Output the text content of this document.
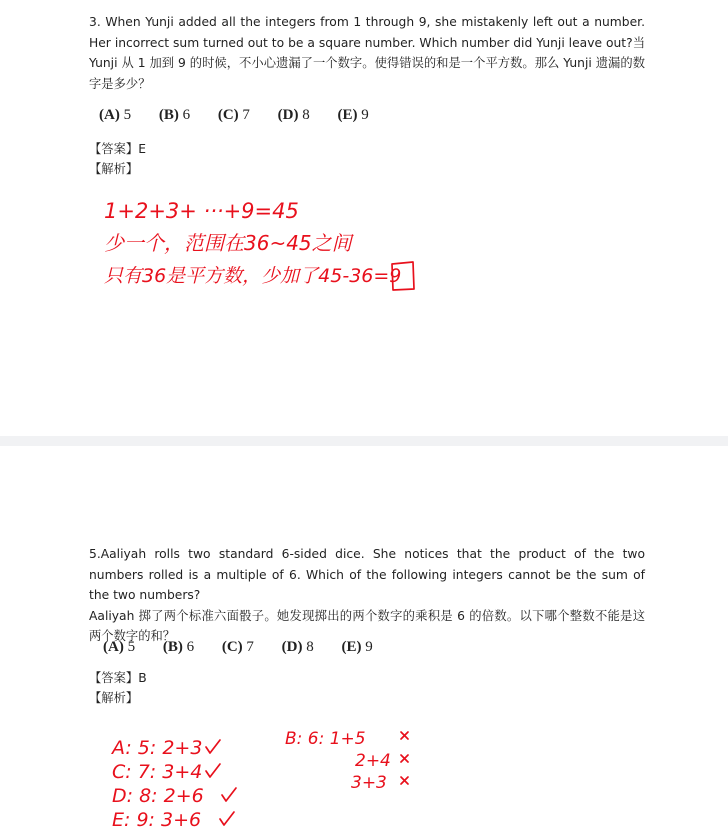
3. When Yunji added all the integers from 1 through 9, she mistakenly left out a number. Her incorrect sum turned out to be a square number. Which number did Yunji leave out?当 Yunji 从 1 加到 9 的时候，不小心遗漏了一个数字。使得错误的和是一个平方数。那么 Yunji 遗漏的数字是多少？
(A) 5 (B) 6 (C) 7 (D) 8 (E) 9
【答案】E
【解析】
1+2+3+ ···+9=45
少一个，范围在36~45之间
只有36是平方数，少加了45-36=9
5.Aaliyah rolls two standard 6-sided dice. She notices that the product of the two numbers rolled is a multiple of 6. Which of the following integers cannot be the sum of the two numbers?
Aaliyah 掷了两个标准六面骰子。她发现掷出的两个数字的乘积是 6 的倍数。以下哪个整数不能是这两个数字的和？
(A) 5 (B) 6 (C) 7 (D) 8 (E) 9
【答案】B
【解析】
A: 5: 2+3
C: 7: 3+4
D: 8: 2+6
E: 9: 3+6
B: 6: 1+5
2+4
3+3
